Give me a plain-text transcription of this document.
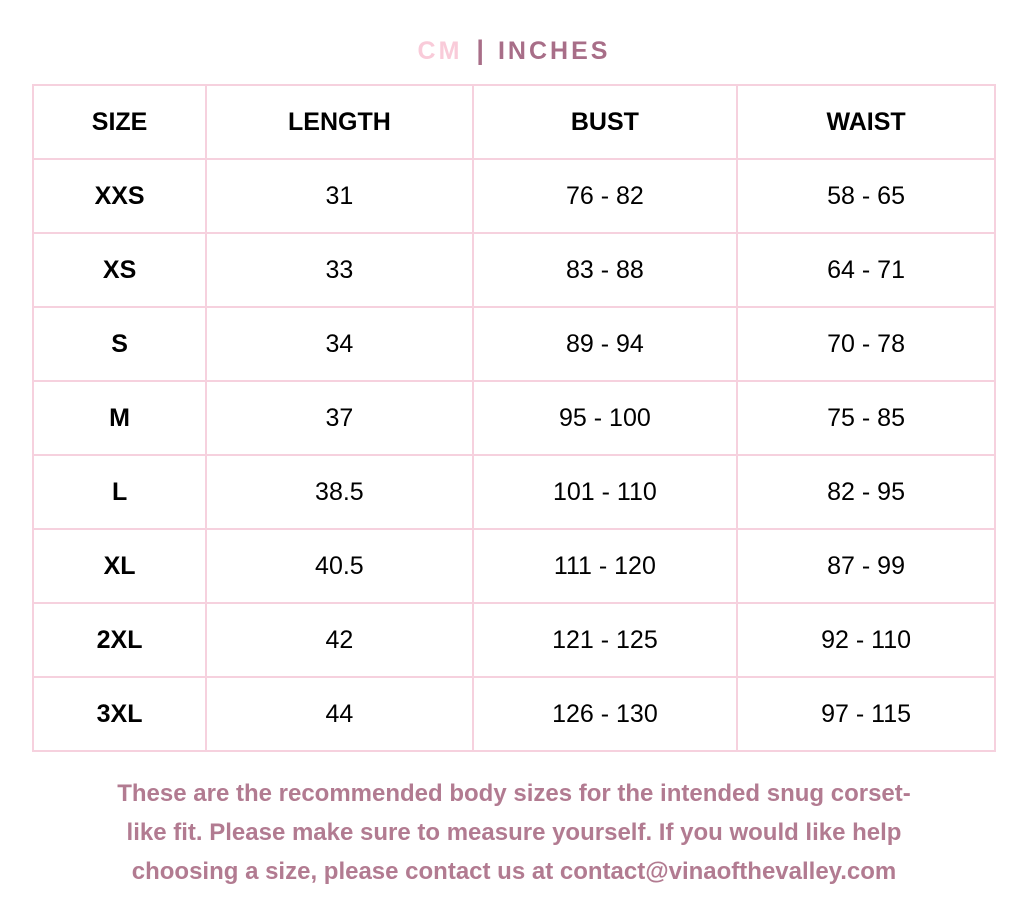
CM | INCHES
SIZE	LENGTH	BUST	WAIST
XXS	31	76 - 82	58 - 65
XS	33	83 - 88	64 - 71
S	34	89 - 94	70 - 78
M	37	95 - 100	75 - 85
L	38.5	101 - 110	82 - 95
XL	40.5	111 - 120	87 - 99
2XL	42	121 - 125	92 - 110
3XL	44	126 - 130	97 - 115
These are the recommended body sizes for the intended snug corset-
like fit. Please make sure to measure yourself. If you would like help
choosing a size, please contact us at contact@vinaofthevalley.com
